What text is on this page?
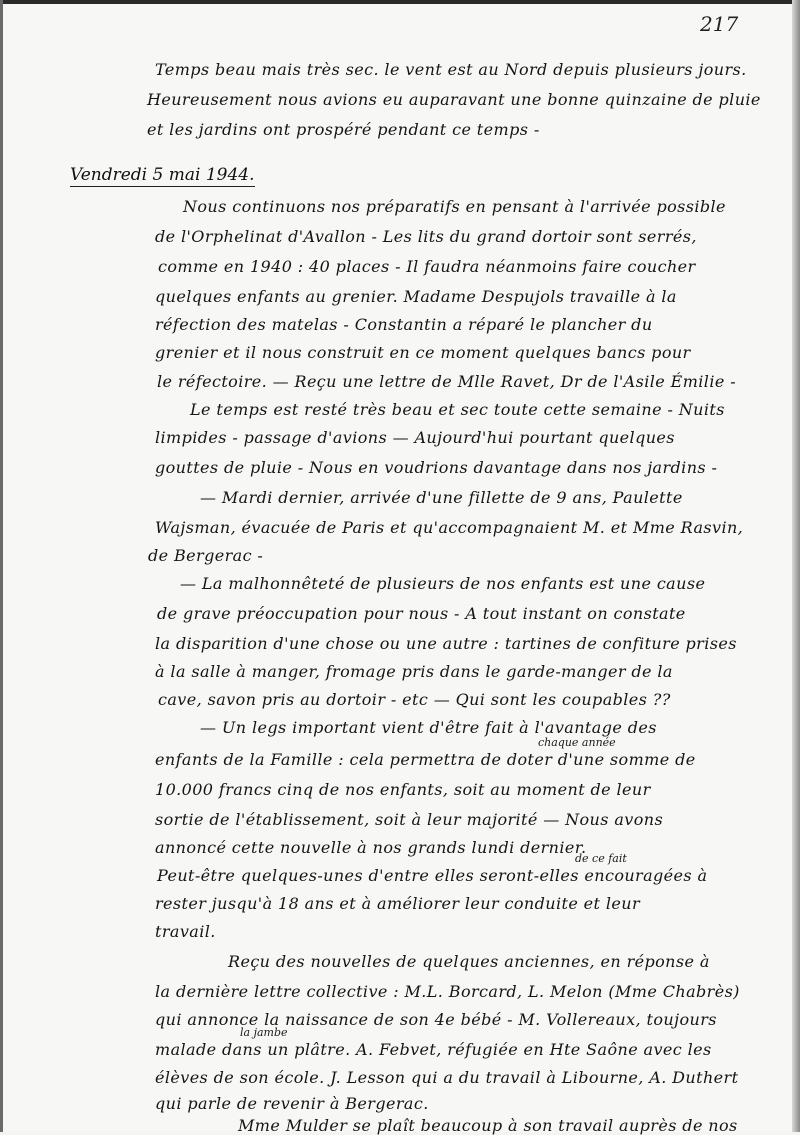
217
Temps beau mais très sec. le vent est au Nord depuis plusieurs jours.
Heureusement nous avions eu auparavant une bonne quinzaine de pluie
et les jardins ont prospéré pendant ce temps -
Vendredi 5 mai 1944.
Nous continuons nos préparatifs en pensant à l'arrivée possible
de l'Orphelinat d'Avallon - Les lits du grand dortoir sont serrés,
comme en 1940 : 40 places - Il faudra néanmoins faire coucher
quelques enfants au grenier. Madame Despujols travaille à la
réfection des matelas - Constantin a réparé le plancher du
grenier et il nous construit en ce moment quelques bancs pour
le réfectoire. — Reçu une lettre de Mlle Ravet, Dr de l'Asile Émilie -
Le temps est resté très beau et sec toute cette semaine - Nuits
limpides - passage d'avions — Aujourd'hui pourtant quelques
gouttes de pluie - Nous en voudrions davantage dans nos jardins -
— Mardi dernier, arrivée d'une fillette de 9 ans, Paulette
Wajsman, évacuée de Paris et qu'accompagnaient M. et Mme Rasvin,
de Bergerac -
— La malhonnêteté de plusieurs de nos enfants est une cause
de grave préoccupation pour nous - A tout instant on constate
la disparition d'une chose ou une autre : tartines de confiture prises
à la salle à manger, fromage pris dans le garde-manger de la
cave, savon pris au dortoir - etc — Qui sont les coupables ??
— Un legs important vient d'être fait à l'avantage des
chaque année
enfants de la Famille : cela permettra de doter d'une somme de
10.000 francs cinq de nos enfants, soit au moment de leur
sortie de l'établissement, soit à leur majorité — Nous avons
annoncé cette nouvelle à nos grands lundi dernier.
de ce fait
Peut-être quelques-unes d'entre elles seront-elles encouragées à
rester jusqu'à 18 ans et à améliorer leur conduite et leur
travail.
Reçu des nouvelles de quelques anciennes, en réponse à
la dernière lettre collective : M.L. Borcard, L. Melon (Mme Chabrès)
qui annonce la naissance de son 4e bébé - M. Vollereaux, toujours
la jambe
malade dans un plâtre. A. Febvet, réfugiée en Hte Saône avec les
élèves de son école. J. Lesson qui a du travail à Libourne, A. Duthert
qui parle de revenir à Bergerac.
Mme Mulder se plaît beaucoup à son travail auprès de nos
